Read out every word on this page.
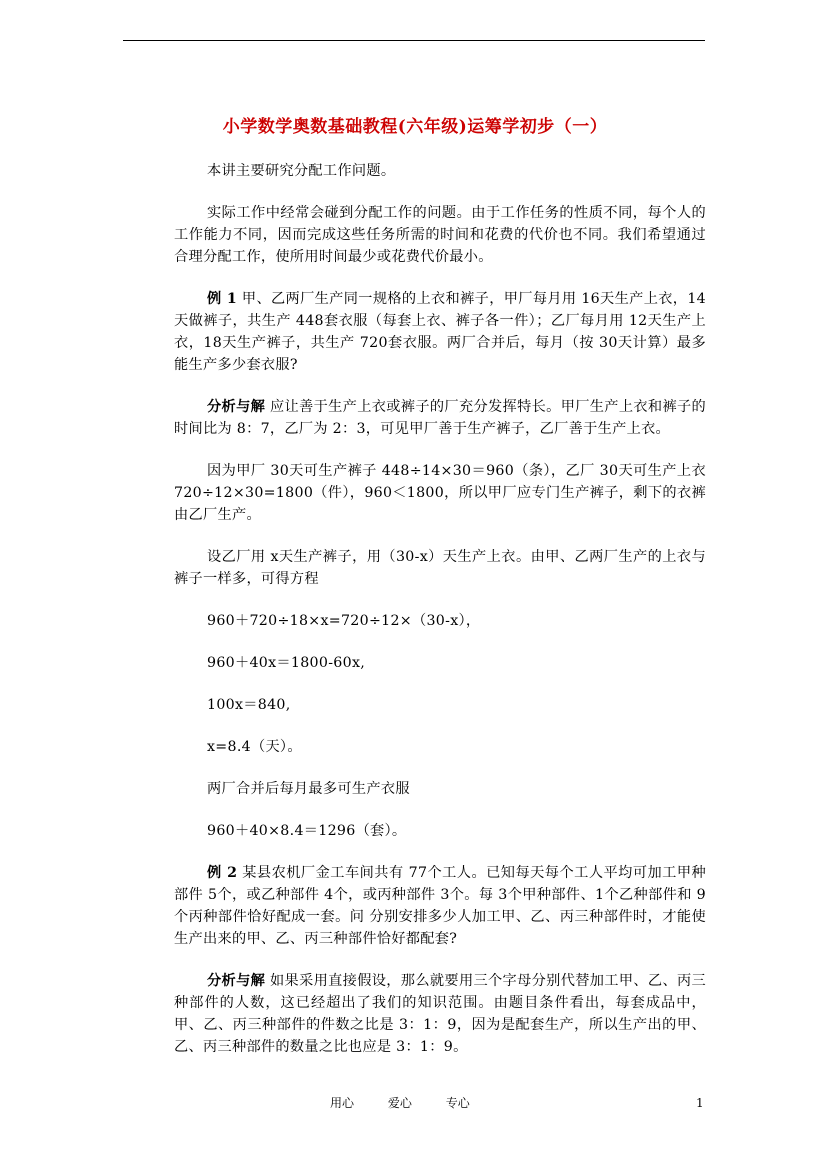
小学数学奥数基础教程(六年级)运筹学初步（一）

本讲主要研究分配工作问题。

实际工作中经常会碰到分配工作的问题。由于工作任务的性质不同，每个人的工作能力不同，因而完成这些任务所需的时间和花费的代价也不同。我们希望通过合理分配工作，使所用时间最少或花费代价最小。

例 1 甲、乙两厂生产同一规格的上衣和裤子，甲厂每月用 16天生产上衣，14天做裤子，共生产 448套衣服（每套上衣、裤子各一件）；乙厂每月用 12天生产上衣，18天生产裤子，共生产 720套衣服。两厂合并后，每月（按 30天计算）最多能生产多少套衣服?

分析与解 应让善于生产上衣或裤子的厂充分发挥特长。甲厂生产上衣和裤子的时间比为 8：7，乙厂为 2：3，可见甲厂善于生产裤子，乙厂善于生产上衣。

因为甲厂 30天可生产裤子 448÷14×30＝960（条），乙厂 30天可生产上衣 720÷12×30=1800（件），960＜1800，所以甲厂应专门生产裤子，剩下的衣裤由乙厂生产。

设乙厂用 x天生产裤子，用（30-x）天生产上衣。由甲、乙两厂生产的上衣与裤子一样多，可得方程

960＋720÷18×x=720÷12×（30-x），

960＋40x＝1800-60x,

100x＝840,

x=8.4（天）。

两厂合并后每月最多可生产衣服

960＋40×8.4＝1296（套）。

例 2 某县农机厂金工车间共有 77个工人。已知每天每个工人平均可加工甲种部件 5个，或乙种部件 4个，或丙种部件 3个。每 3个甲种部件、1个乙种部件和 9个丙种部件恰好配成一套。问 分别安排多少人加工甲、乙、丙三种部件时，才能使生产出来的甲、乙、丙三种部件恰好都配套?

分析与解 如果采用直接假设，那么就要用三个字母分别代替加工甲、乙、丙三种部件的人数，这已经超出了我们的知识范围。由题目条件看出，每套成品中，甲、乙、丙三种部件的件数之比是 3：1：9，因为是配套生产，所以生产出的甲、乙、丙三种部件的数量之比也应是 3：1：9。

用心	爱心	专心	1
